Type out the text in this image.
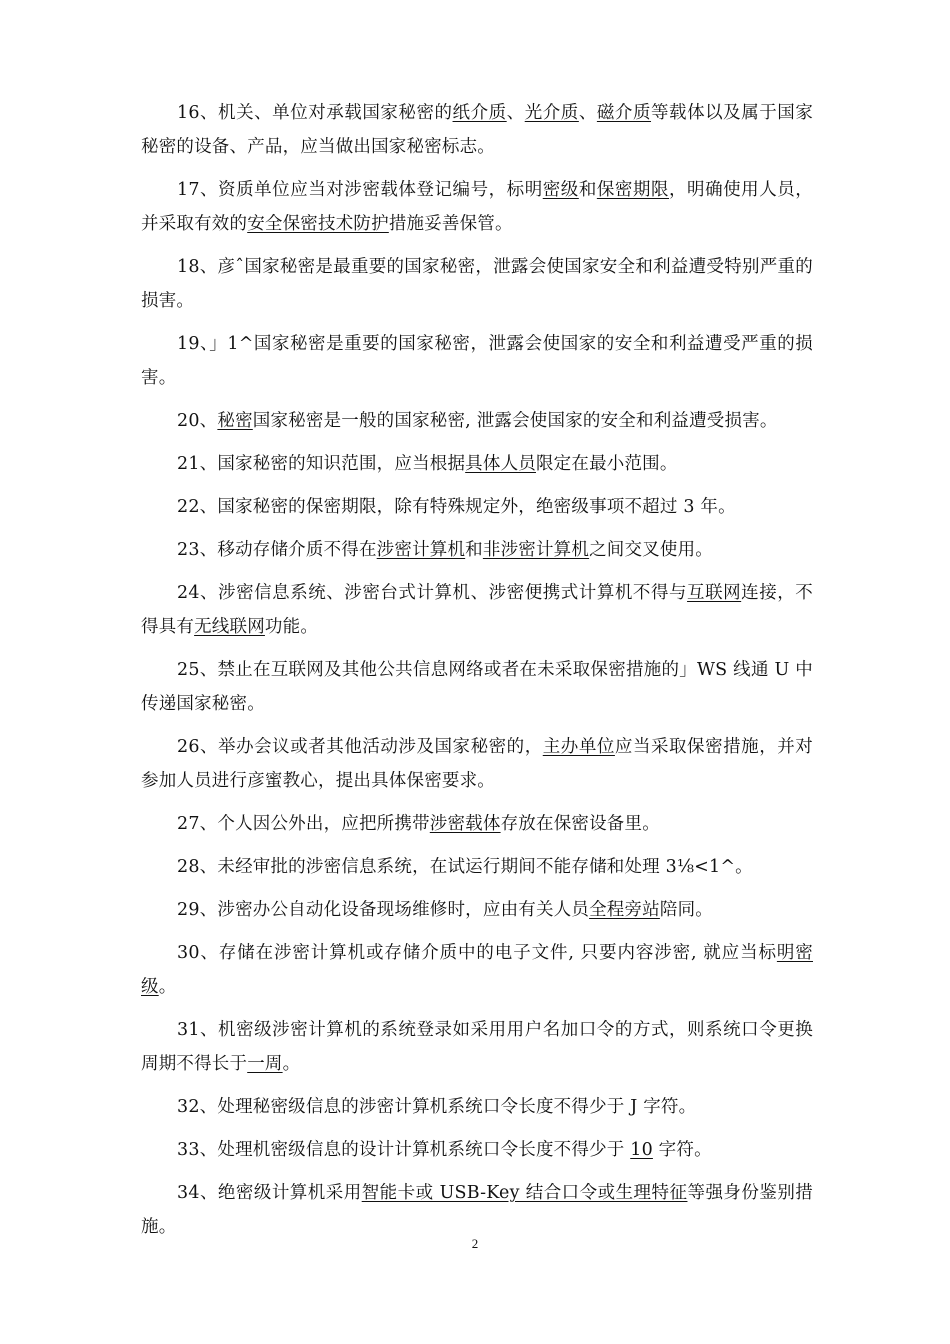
16、机关、单位对承载国家秘密的纸介质、光介质、磁介质等载体以及属于国家秘密的设备、产品，应当做出国家秘密标志。

17、资质单位应当对涉密载体登记编号，标明密级和保密期限，明确使用人员，并采取有效的安全保密技术防护措施妥善保管。

18、彦ˆ国家秘密是最重要的国家秘密，泄露会使国家安全和利益遭受特别严重的损害。

19、」1^国家秘密是重要的国家秘密，泄露会使国家的安全和利益遭受严重的损害。

20、秘密国家秘密是一般的国家秘密, 泄露会使国家的安全和利益遭受损害。

21、国家秘密的知识范围，应当根据具体人员限定在最小范围。

22、国家秘密的保密期限，除有特殊规定外，绝密级事项不超过 3 年。

23、移动存储介质不得在涉密计算机和非涉密计算机之间交叉使用。

24、涉密信息系统、涉密台式计算机、涉密便携式计算机不得与互联网连接，不得具有无线联网功能。

25、禁止在互联网及其他公共信息网络或者在未采取保密措施的」WS 线通 U 中传递国家秘密。

26、举办会议或者其他活动涉及国家秘密的，主办单位应当采取保密措施，并对参加人员进行彦蜜教心，提出具体保密要求。

27、个人因公外出，应把所携带涉密载体存放在保密设备里。

28、未经审批的涉密信息系统，在试运行期间不能存储和处理 3⅛<1^。

29、涉密办公自动化设备现场维修时，应由有关人员全程旁站陪同。

30、存储在涉密计算机或存储介质中的电子文件, 只要内容涉密, 就应当标明密级。

31、机密级涉密计算机的系统登录如采用用户名加口令的方式，则系统口令更换周期不得长于一周。

32、处理秘密级信息的涉密计算机系统口令长度不得少于 J 字符。

33、处理机密级信息的设计计算机系统口令长度不得少于 10 字符。

34、绝密级计算机采用智能卡或 USB-Key 结合口令或生理特征等强身份鉴别措施。

2
